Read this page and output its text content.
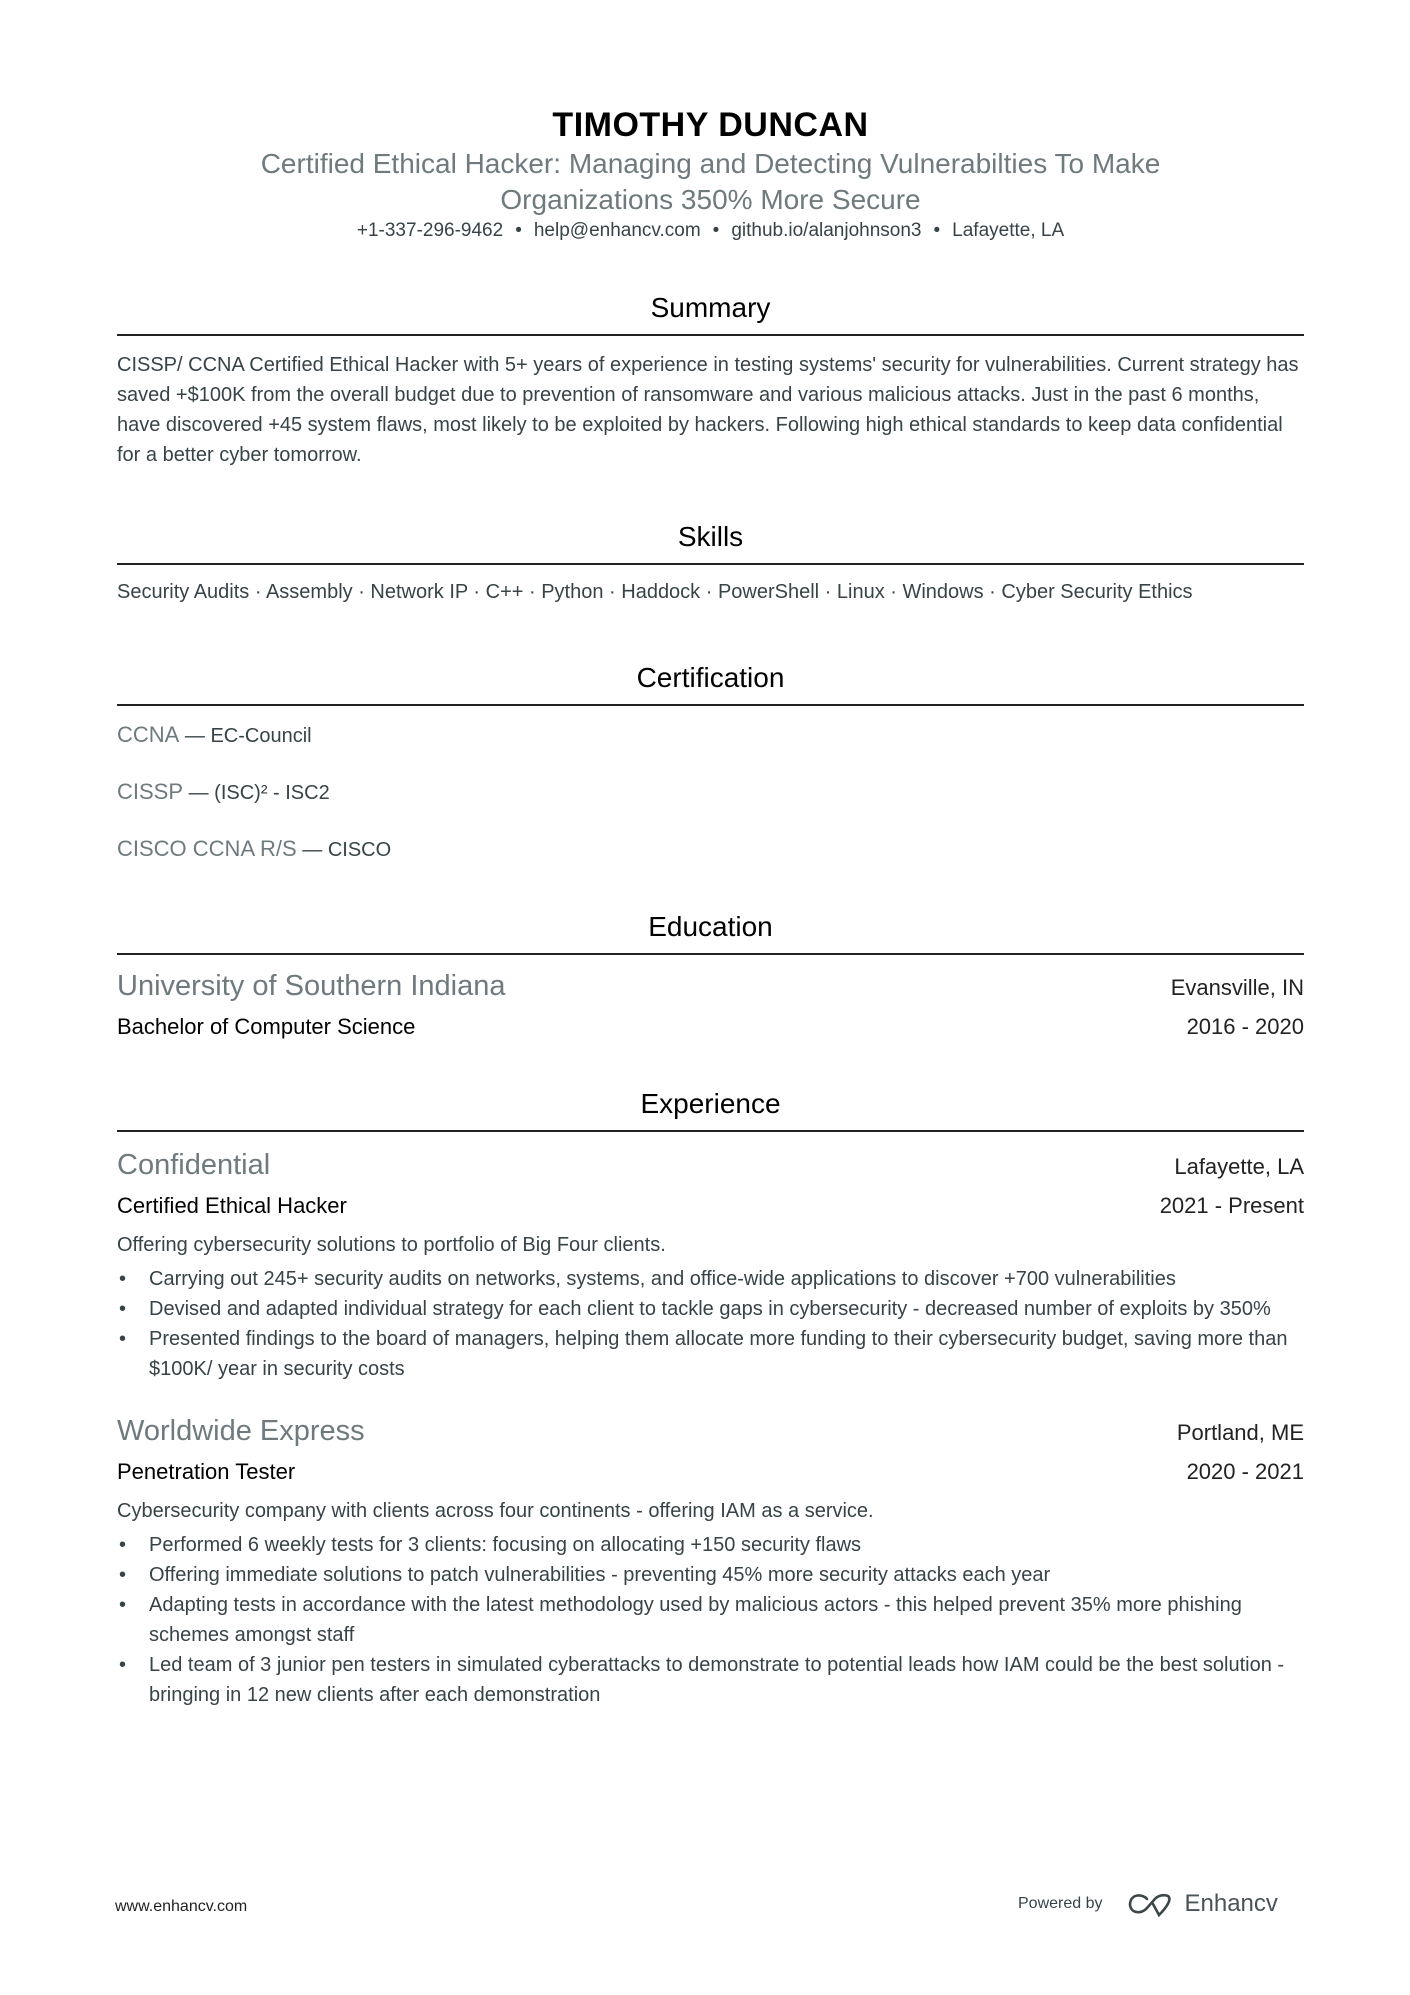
TIMOTHY DUNCAN
Certified Ethical Hacker: Managing and Detecting Vulnerabilties To Make Organizations 350% More Secure
+1-337-296-9462 • help@enhancv.com • github.io/alanjohnson3 • Lafayette, LA
Summary

CISSP/ CCNA Certified Ethical Hacker with 5+ years of experience in testing systems' security for vulnerabilities. Current strategy has saved +$100K from the overall budget due to prevention of ransomware and various malicious attacks. Just in the past 6 months, have discovered +45 system flaws, most likely to be exploited by hackers. Following high ethical standards to keep data confidential for a better cyber tomorrow.

Skills

Security Audits · Assembly · Network IP · C++ · Python · Haddock · PowerShell · Linux · Windows · Cyber Security Ethics

Certification
CCNA — EC-Council
CISSP — (ISC)² - ISC2
CISCO CCNA R/S — CISCO
Education
University of Southern Indiana	Evansville, IN
Bachelor of Computer Science	2016 - 2020
Experience
Confidential	Lafayette, LA
Certified Ethical Hacker	2021 - Present

Offering cybersecurity solutions to portfolio of Big Four clients.

• Carrying out 245+ security audits on networks, systems, and office-wide applications to discover +700 vulnerabilities
• Devised and adapted individual strategy for each client to tackle gaps in cybersecurity - decreased number of exploits by 350%
• Presented findings to the board of managers, helping them allocate more funding to their cybersecurity budget, saving more than $100K/ year in security costs
Worldwide Express	Portland, ME
Penetration Tester	2020 - 2021

Cybersecurity company with clients across four continents - offering IAM as a service.

• Performed 6 weekly tests for 3 clients: focusing on allocating +150 security flaws
• Offering immediate solutions to patch vulnerabilities - preventing 45% more security attacks each year
• Adapting tests in accordance with the latest methodology used by malicious actors - this helped prevent 35% more phishing schemes amongst staff
• Led team of 3 junior pen testers in simulated cyberattacks to demonstrate to potential leads how IAM could be the best solution - bringing in 12 new clients after each demonstration
www.enhancv.com	Powered by	Enhancv
